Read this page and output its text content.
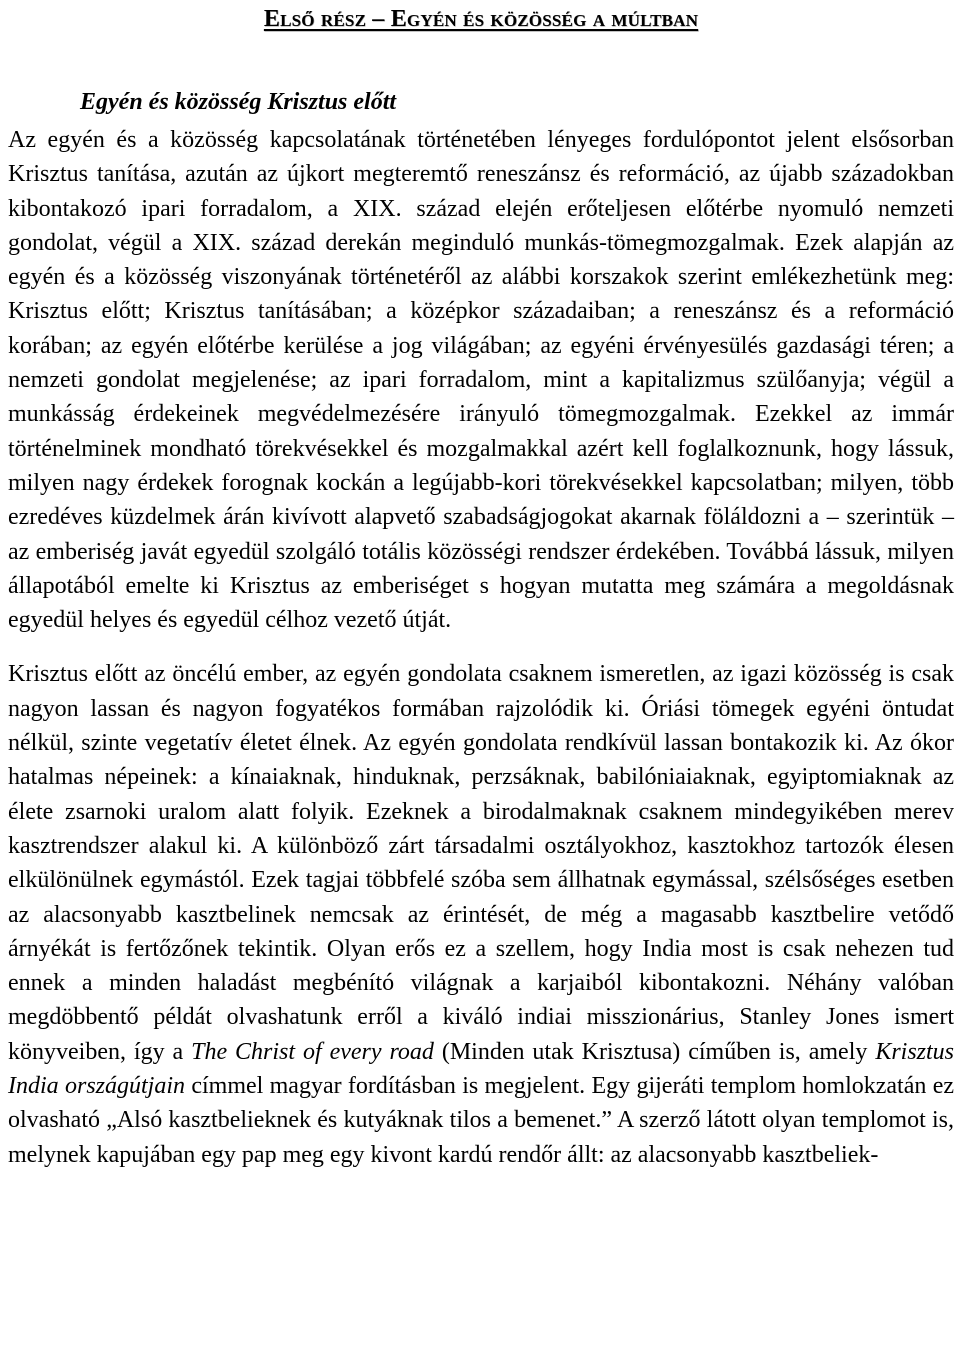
Első rész – Egyén és közösség a múltban
Egyén és közösség Krisztus előtt

Az egyén és a közösség kapcsolatának történetében lényeges fordulópontot jelent elsősorban Krisztus tanítása, azután az újkort megteremtő reneszánsz és reformáció, az újabb századokban kibontakozó ipari forradalom, a XIX. század elején erőteljesen előtérbe nyomuló nemzeti gondolat, végül a XIX. század derekán meginduló munkás-tömegmozgalmak. Ezek alapján az egyén és a közösség viszonyának történetéről az alábbi korszakok szerint emlékezhetünk meg: Krisztus előtt; Krisztus tanításában; a középkor századaiban; a reneszánsz és a reformáció korában; az egyén előtérbe kerülése a jog világában; az egyéni érvényesülés gazdasági téren; a nemzeti gondolat megjelenése; az ipari forradalom, mint a kapitalizmus szülőanyja; végül a munkásság érdekeinek megvédelmezésére irányuló tömegmozgalmak. Ezekkel az immár történelminek mondható törekvésekkel és mozgalmakkal azért kell foglalkoznunk, hogy lássuk, milyen nagy érdekek forognak kockán a legújabb-kori törekvésekkel kapcsolatban; milyen, több ezredéves küzdelmek árán kivívott alapvető szabadságjogokat akarnak föláldozni a – szerintük – az emberiség javát egyedül szolgáló totális közösségi rendszer érdekében. Továbbá lássuk, milyen állapotából emelte ki Krisztus az emberiséget s hogyan mutatta meg számára a megoldásnak egyedül helyes és egyedül célhoz vezető útját.

Krisztus előtt az öncélú ember, az egyén gondolata csaknem ismeretlen, az igazi közösség is csak nagyon lassan és nagyon fogyatékos formában rajzolódik ki. Óriási tömegek egyéni öntudat nélkül, szinte vegetatív életet élnek. Az egyén gondolata rendkívül lassan bontakozik ki. Az ókor hatalmas népeinek: a kínaiaknak, hinduknak, perzsáknak, babilóniaiaknak, egyiptomiaknak az élete zsarnoki uralom alatt folyik. Ezeknek a birodalmaknak csaknem mindegyikében merev kasztrendszer alakul ki. A különböző zárt társadalmi osztályokhoz, kasztokhoz tartozók élesen elkülönülnek egymástól. Ezek tagjai többfelé szóba sem állhatnak egymással, szélsőséges esetben az alacsonyabb kasztbelinek nemcsak az érintését, de még a magasabb kasztbelire vetődő árnyékát is fertőzőnek tekintik. Olyan erős ez a szellem, hogy India most is csak nehezen tud ennek a minden haladást megbénító világnak a karjaiból kibontakozni. Néhány valóban megdöbbentő példát olvashatunk erről a kiváló indiai misszionárius, Stanley Jones ismert könyveiben, így a The Christ of every road (Minden utak Krisztusa) címűben is, amely Krisztus India országútjain címmel magyar fordításban is megjelent. Egy gijeráti templom homlokzatán ez olvasható „Alsó kasztbelieknek és kutyáknak tilos a bemenet.” A szerző látott olyan templomot is, melynek kapujában egy pap meg egy kivont kardú rendőr állt: az alacsonyabb kasztbeliek-
